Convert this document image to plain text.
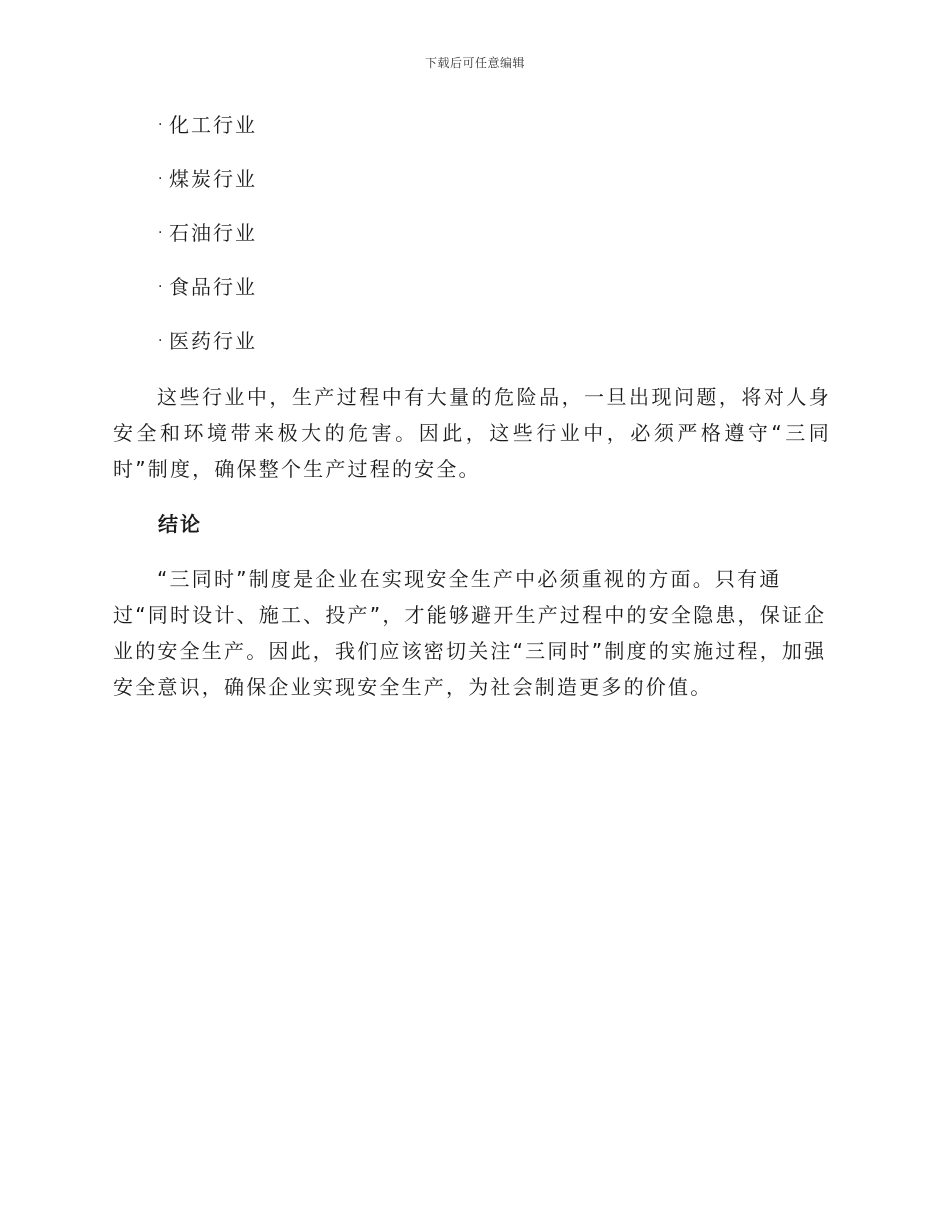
下载后可任意编辑
· 化工行业
· 煤炭行业
· 石油行业
· 食品行业
· 医药行业

这些行业中，生产过程中有大量的危险品，一旦出现问题，将对人身安全和环境带来极大的危害。因此，这些行业中，必须严格遵守“三同时”制度，确保整个生产过程的安全。

结论

“三同时”制度是企业在实现安全生产中必须重视的方面。只有通
过“同时设计、施工、投产”，才能够避开生产过程中的安全隐患，保证企
业的安全生产。因此，我们应该密切关注“三同时”制度的实施过程，加强
安全意识，确保企业实现安全生产，为社会制造更多的价值。
